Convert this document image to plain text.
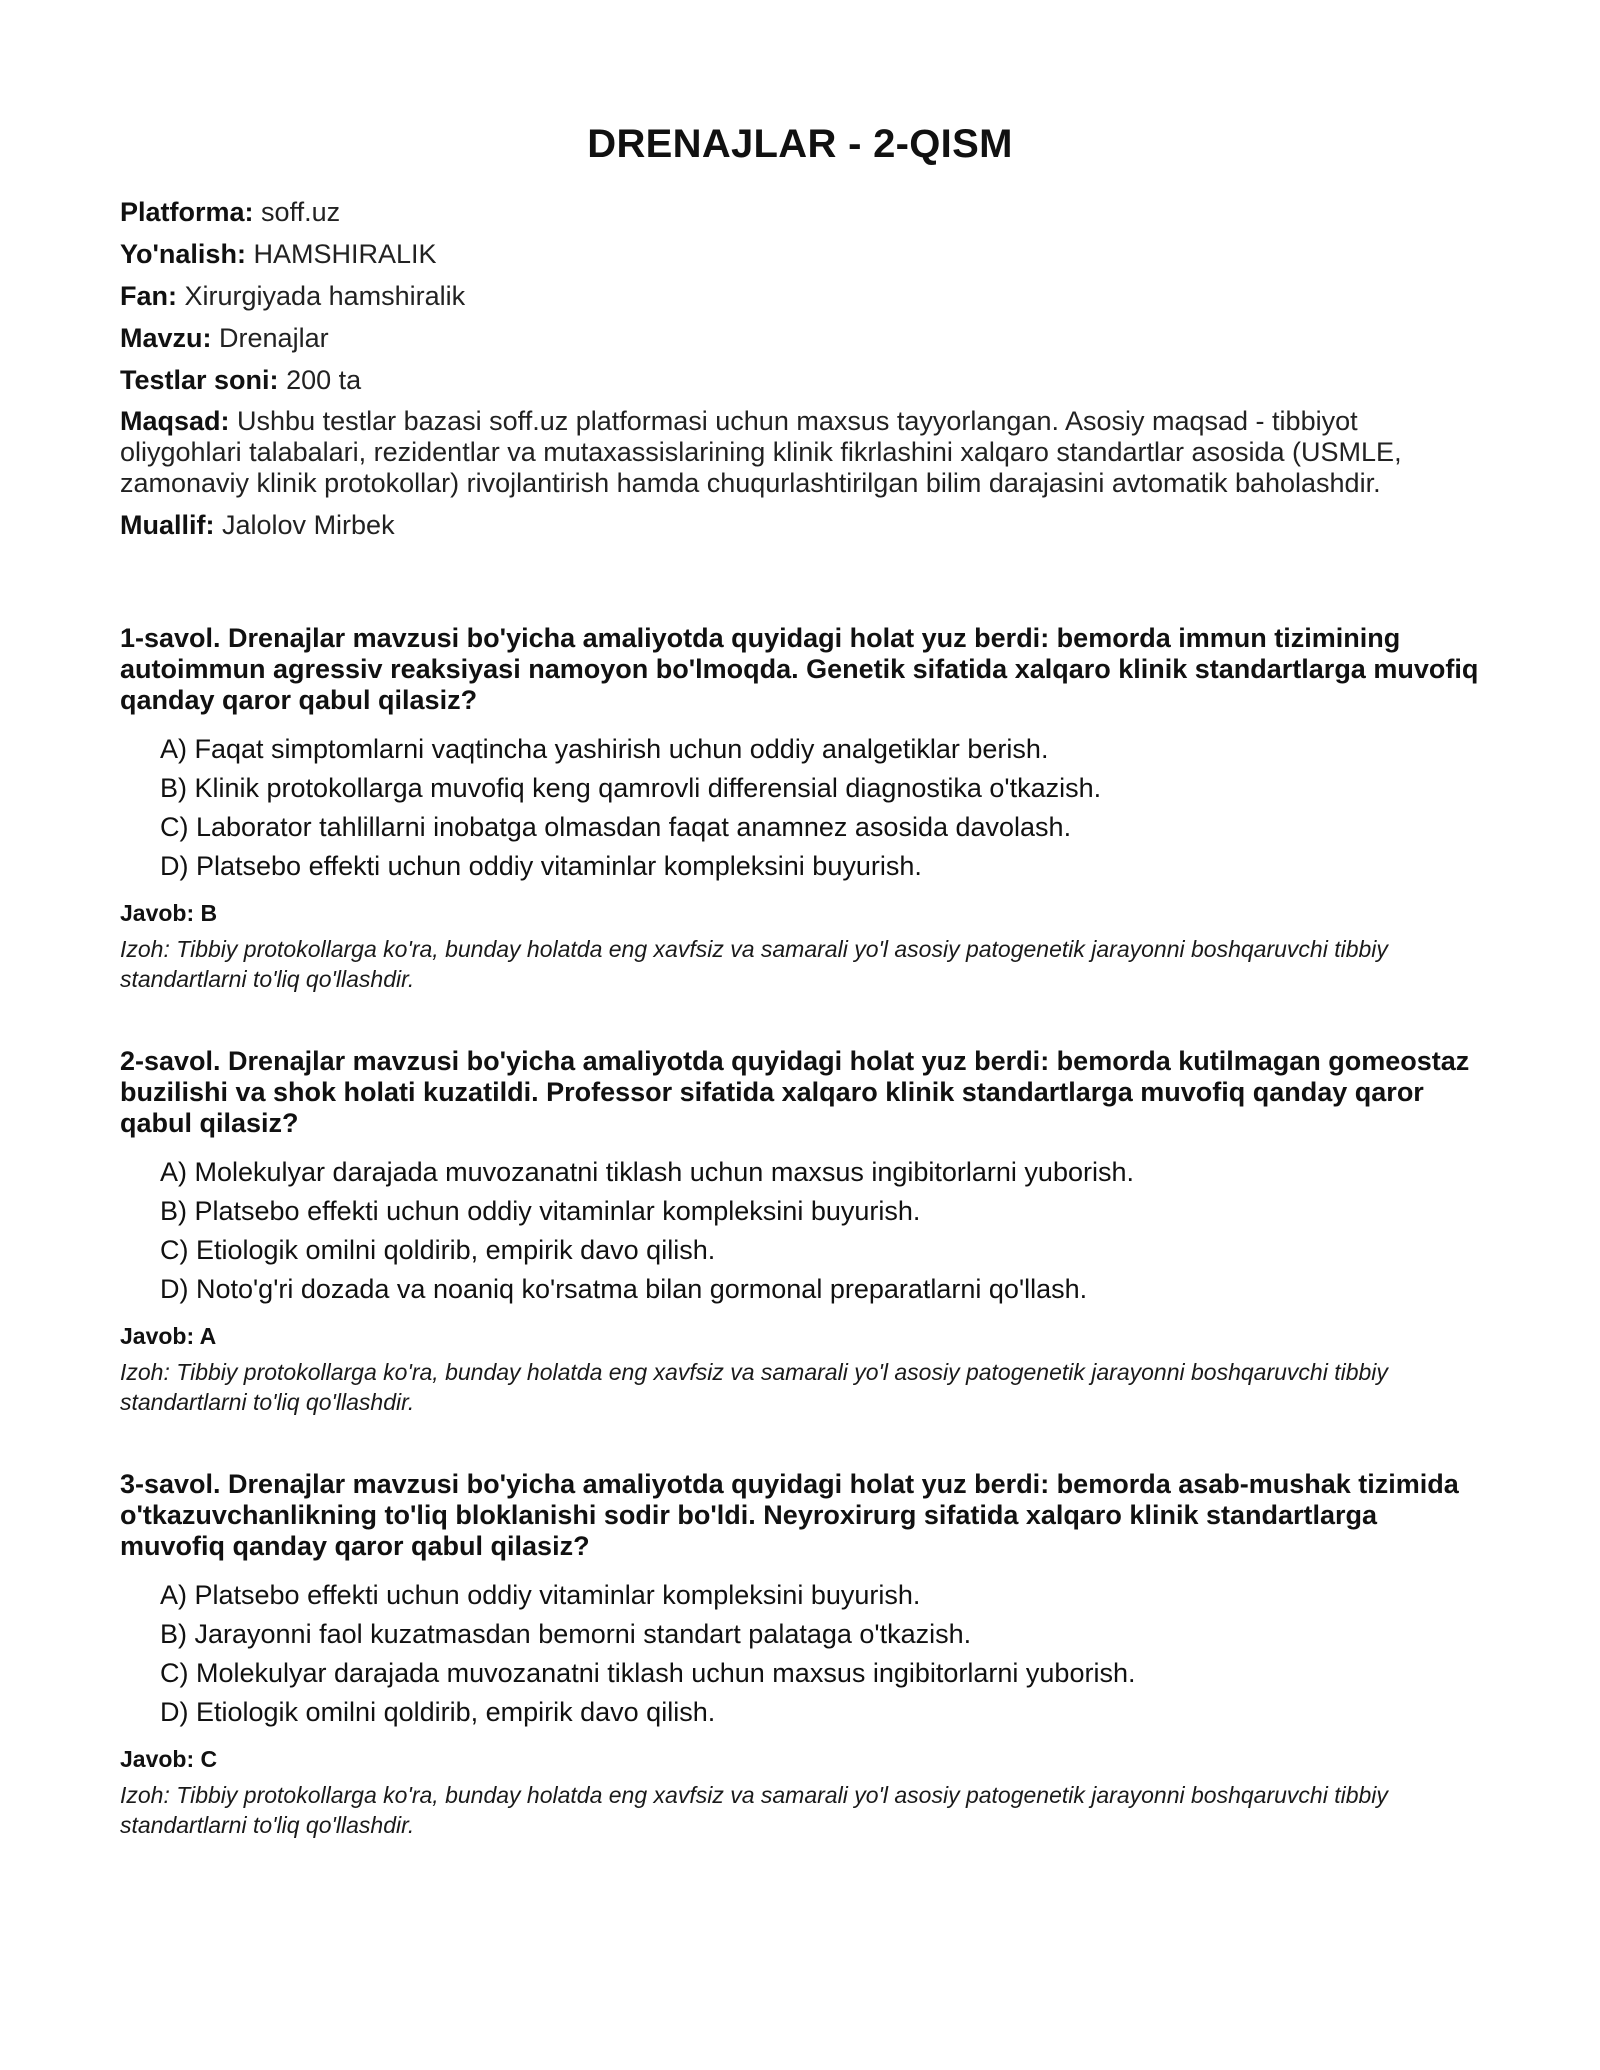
DRENAJLAR - 2-QISM

Platforma: soff.uz

Yo'nalish: HAMSHIRALIK

Fan: Xirurgiyada hamshiralik

Mavzu: Drenajlar

Testlar soni: 200 ta

Maqsad: Ushbu testlar bazasi soff.uz platformasi uchun maxsus tayyorlangan. Asosiy maqsad - tibbiyot oliygohlari talabalari, rezidentlar va mutaxassislarining klinik fikrlashini xalqaro standartlar asosida (USMLE, zamonaviy klinik protokollar) rivojlantirish hamda chuqurlashtirilgan bilim darajasini avtomatik baholashdir.

Muallif: Jalolov Mirbek

1-savol. Drenajlar mavzusi bo'yicha amaliyotda quyidagi holat yuz berdi: bemorda immun tizimining autoimmun agressiv reaksiyasi namoyon bo'lmoqda. Genetik sifatida xalqaro klinik standartlarga muvofiq qanday qaror qabul qilasiz?

A) Faqat simptomlarni vaqtincha yashirish uchun oddiy analgetiklar berish.
B) Klinik protokollarga muvofiq keng qamrovli differensial diagnostika o'tkazish.
C) Laborator tahlillarni inobatga olmasdan faqat anamnez asosida davolash.
D) Platsebo effekti uchun oddiy vitaminlar kompleksini buyurish.

Javob: B

Izoh: Tibbiy protokollarga ko'ra, bunday holatda eng xavfsiz va samarali yo'l asosiy patogenetik jarayonni boshqaruvchi tibbiy standartlarni to'liq qo'llashdir.

2-savol. Drenajlar mavzusi bo'yicha amaliyotda quyidagi holat yuz berdi: bemorda kutilmagan gomeostaz buzilishi va shok holati kuzatildi. Professor sifatida xalqaro klinik standartlarga muvofiq qanday qaror qabul qilasiz?

A) Molekulyar darajada muvozanatni tiklash uchun maxsus ingibitorlarni yuborish.
B) Platsebo effekti uchun oddiy vitaminlar kompleksini buyurish.
C) Etiologik omilni qoldirib, empirik davo qilish.
D) Noto'g'ri dozada va noaniq ko'rsatma bilan gormonal preparatlarni qo'llash.

Javob: A

Izoh: Tibbiy protokollarga ko'ra, bunday holatda eng xavfsiz va samarali yo'l asosiy patogenetik jarayonni boshqaruvchi tibbiy standartlarni to'liq qo'llashdir.

3-savol. Drenajlar mavzusi bo'yicha amaliyotda quyidagi holat yuz berdi: bemorda asab-mushak tizimida o'tkazuvchanlikning to'liq bloklanishi sodir bo'ldi. Neyroxirurg sifatida xalqaro klinik standartlarga muvofiq qanday qaror qabul qilasiz?

A) Platsebo effekti uchun oddiy vitaminlar kompleksini buyurish.
B) Jarayonni faol kuzatmasdan bemorni standart palataga o'tkazish.
C) Molekulyar darajada muvozanatni tiklash uchun maxsus ingibitorlarni yuborish.
D) Etiologik omilni qoldirib, empirik davo qilish.

Javob: C

Izoh: Tibbiy protokollarga ko'ra, bunday holatda eng xavfsiz va samarali yo'l asosiy patogenetik jarayonni boshqaruvchi tibbiy standartlarni to'liq qo'llashdir.
